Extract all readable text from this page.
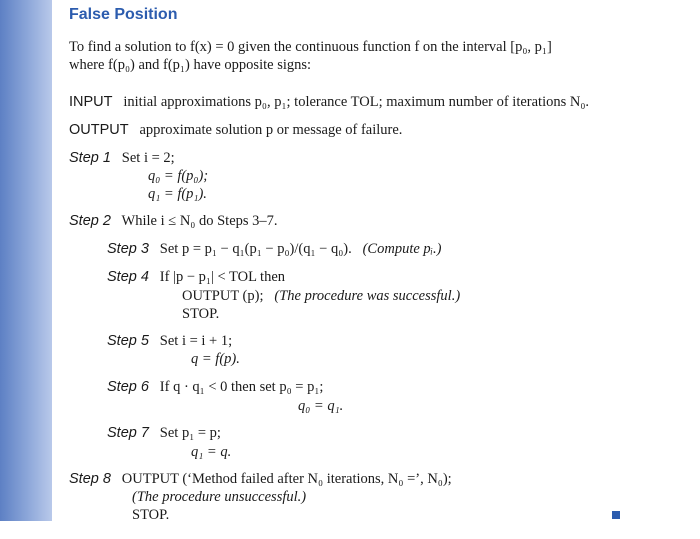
False Position
To find a solution to f(x) = 0 given the continuous function f on the interval [p₀, p₁]
where f(p₀) and f(p₁) have opposite signs:
INPUT initial approximations p₀, p₁; tolerance TOL; maximum number of iterations N₀.
OUTPUT approximate solution p or message of failure.
Step 1 Set i = 2;
q₀ = f(p₀);
q₁ = f(p₁).
Step 2 While i ≤ N₀ do Steps 3–7.
Step 3 Set p = p₁ − q₁(p₁ − p₀)/(q₁ − q₀). (Compute pᵢ.)
Step 4 If |p − p₁| < TOL then
OUTPUT (p); (The procedure was successful.)
STOP.
Step 5 Set i = i + 1;
q = f(p).
Step 6 If q · q₁ < 0 then set p₀ = p₁;
q₀ = q₁.
Step 7 Set p₁ = p;
q₁ = q.
Step 8 OUTPUT (‘Method failed after N₀ iterations, N₀ =’, N₀);
(The procedure unsuccessful.)
STOP.
